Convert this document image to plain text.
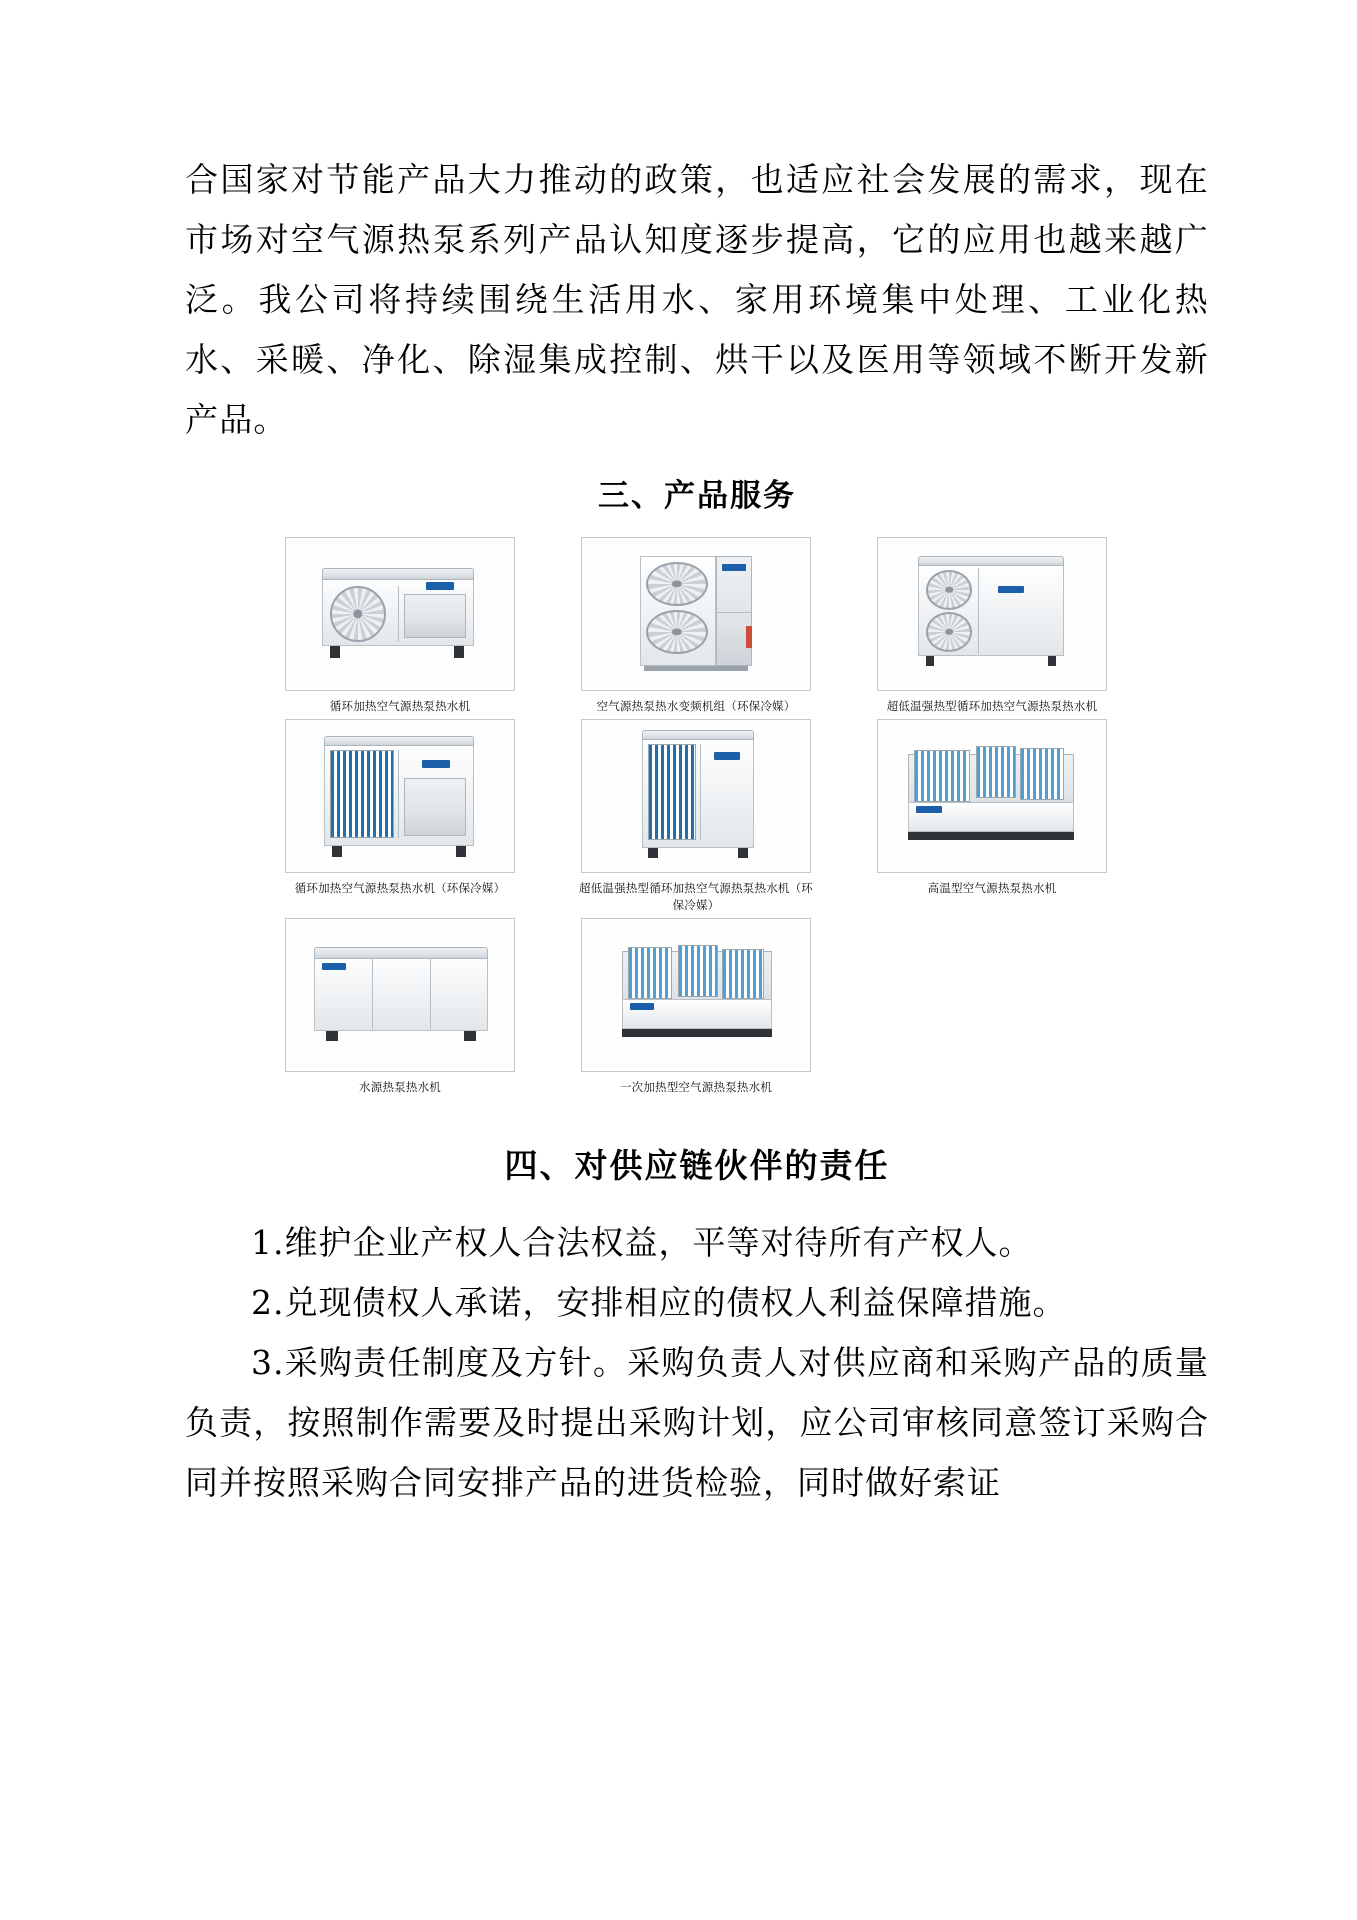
合国家对节能产品大力推动的政策，也适应社会发展的需求，现在市场对空气源热泵系列产品认知度逐步提高，它的应用也越来越广泛。我公司将持续围绕生活用水、家用环境集中处理、工业化热水、采暖、净化、除湿集成控制、烘干以及医用等领域不断开发新产品。

三、产品服务
循环加热空气源热泵热水机	空气源热泵热水变频机组（环保冷媒）	超低温强热型循环加热空气源热泵热水机
循环加热空气源热泵热水机（环保冷媒）	超低温强热型循环加热空气源热泵热水机（环保冷媒）
高温型空气源热泵热水机
水源热泵热水机	一次加热型空气源热泵热水机
四、对供应链伙伴的责任

1.维护企业产权人合法权益，平等对待所有产权人。

2.兑现债权人承诺，安排相应的债权人利益保障措施。

3.采购责任制度及方针。采购负责人对供应商和采购产品的质量负责，按照制作需要及时提出采购计划，应公司审核同意签订采购合同并按照采购合同安排产品的进货检验，同时做好索证
